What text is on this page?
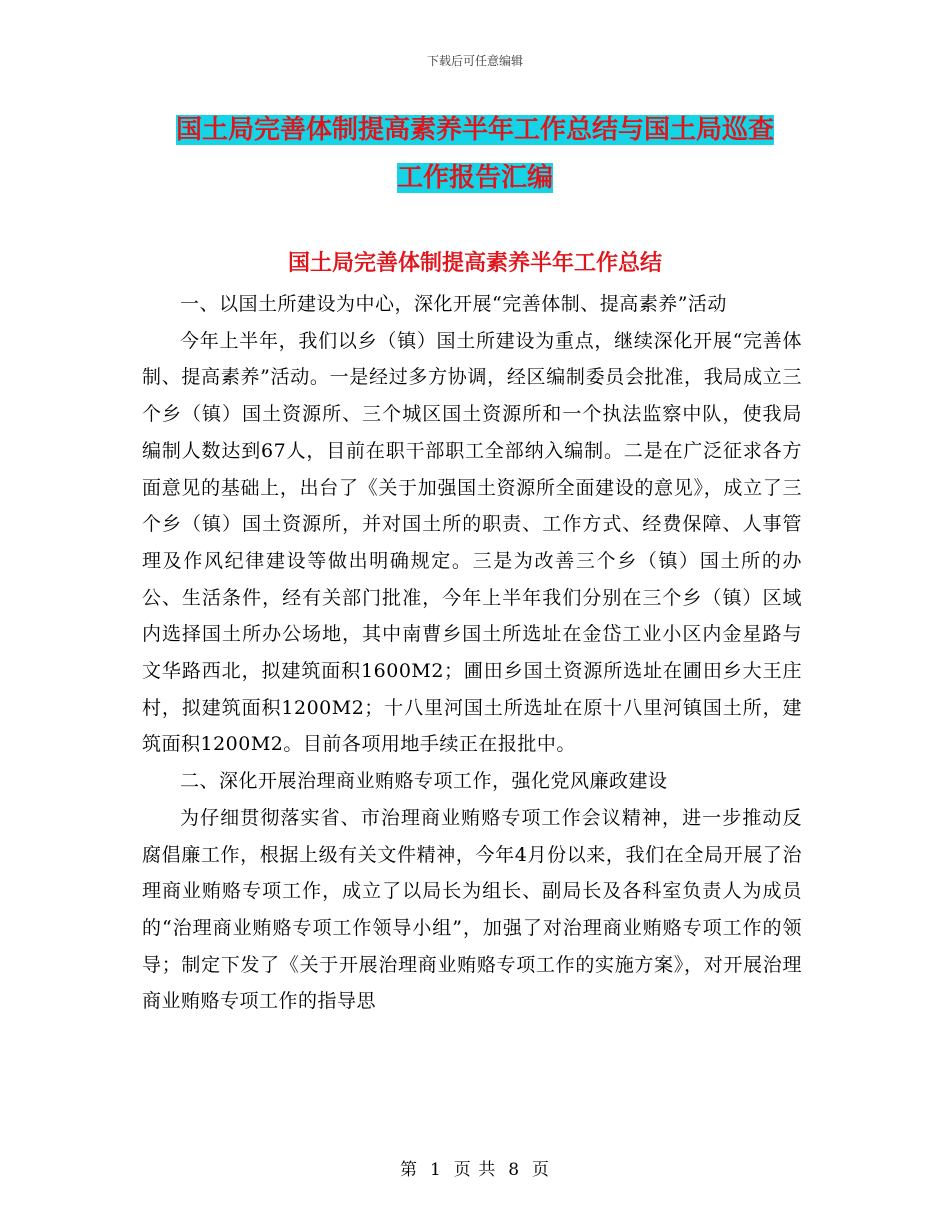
下载后可任意编辑
国土局完善体制提高素养半年工作总结与国土局巡查
工作报告汇编
国土局完善体制提高素养半年工作总结

一、以国土所建设为中心，深化开展“完善体制、提高素养”活动

今年上半年，我们以乡（镇）国土所建设为重点，继续深化开展“完善体制、提高素养”活动。一是经过多方协调，经区编制委员会批准，我局成立三个乡（镇）国土资源所、三个城区国土资源所和一个执法监察中队，使我局编制人数达到67人，目前在职干部职工全部纳入编制。二是在广泛征求各方面意见的基础上，出台了《关于加强国土资源所全面建设的意见》，成立了三个乡（镇）国土资源所，并对国土所的职责、工作方式、经费保障、人事管理及作风纪律建设等做出明确规定。三是为改善三个乡（镇）国土所的办公、生活条件，经有关部门批准，今年上半年我们分别在三个乡（镇）区域内选择国土所办公场地，其中南曹乡国土所选址在金岱工业小区内金星路与文华路西北，拟建筑面积1600M2；圃田乡国土资源所选址在圃田乡大王庄村，拟建筑面积1200M2；十八里河国土所选址在原十八里河镇国土所，建筑面积1200M2。目前各项用地手续正在报批中。

二、深化开展治理商业贿赂专项工作，强化党风廉政建设

为仔细贯彻落实省、市治理商业贿赂专项工作会议精神，进一步推动反腐倡廉工作，根据上级有关文件精神，今年4月份以来，我们在全局开展了治理商业贿赂专项工作，成立了以局长为组长、副局长及各科室负责人为成员的“治理商业贿赂专项工作领导小组”，加强了对治理商业贿赂专项工作的领导；制定下发了《关于开展治理商业贿赂专项工作的实施方案》，对开展治理商业贿赂专项工作的指导思

第 1 页 共 8 页
